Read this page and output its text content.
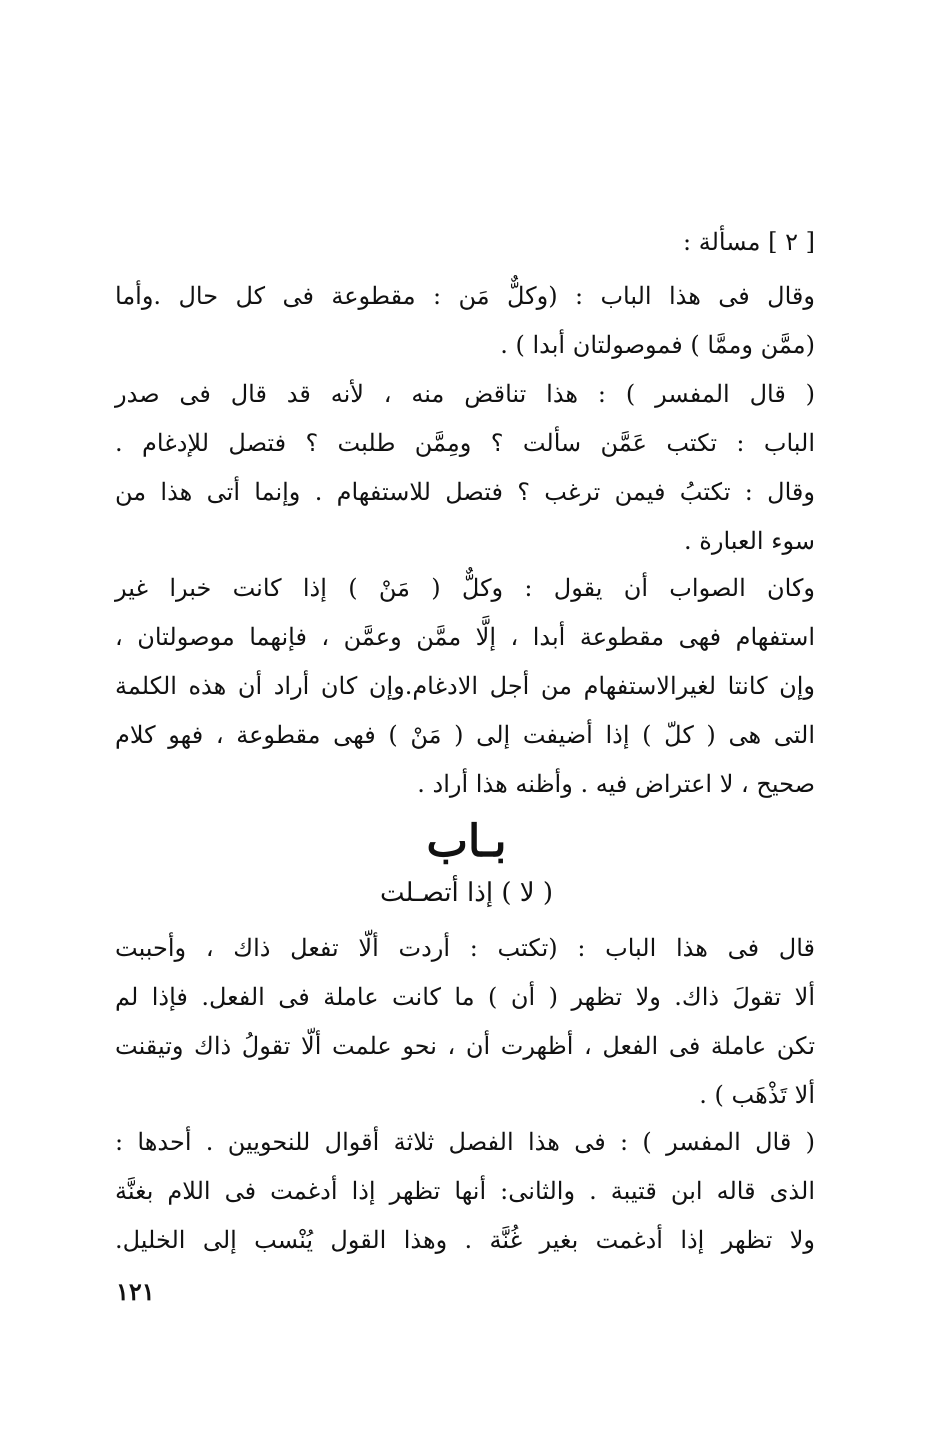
[ ٢ ] مسألة :
وقال فى هذا الباب : (وكلٌّ مَن : مقطوعة فى كل حال .وأما
(ممَّن وممَّا ) فموصولتان أبدا ) .
( قال المفسر ) : هذا تناقض منه ، لأنه قد قال فى صدر
الباب : تكتب عَمَّن سألت ؟ ومِمَّن طلبت ؟ فتصل للإدغام .
وقال : تكتبُ فيمن ترغب ؟ فتصل للاستفهام . وإنما أتى هذا من
سوء العبارة .
وكان الصواب أن يقول : وكلٌّ ( مَنْ ) إذا كانت خبرا غير
استفهام فهى مقطوعة أبدا ، إلَّا ممَّن وعمَّن ، فإنهما موصولتان ،
وإن كانتا لغيرالاستفهام من أجل الادغام.وإن كان أراد أن هذه الكلمة
التى هى ( كلّ ) إذا أضيفت إلى ( مَنْ ) فهى مقطوعة ، فهو كلام
صحيح ، لا اعتراض فيه . وأظنه هذا أراد .
بـاب
( لا ) إذا أتصـلت
قال فى هذا الباب : (تكتب : أردت ألّا تفعل ذاك ، وأحببت
ألا تقولَ ذاك. ولا تظهر ( أن ) ما كانت عاملة فى الفعل. فإذا لم
تكن عاملة فى الفعل ، أظهرت أن ، نحو علمت ألّا تقولُ ذاك وتيقنت
ألا تَذْهَب ) .
( قال المفسر ) : فى هذا الفصل ثلاثة أقوال للنحويين . أحدها :
الذى قاله ابن قتيبة . والثانى: أنها تظهر إذا أدغمت فى اللام بغنَّة
ولا تظهر إذا أدغمت بغير غُنَّة . وهذا القول يُنْسب إلى الخليل.
١٢١
